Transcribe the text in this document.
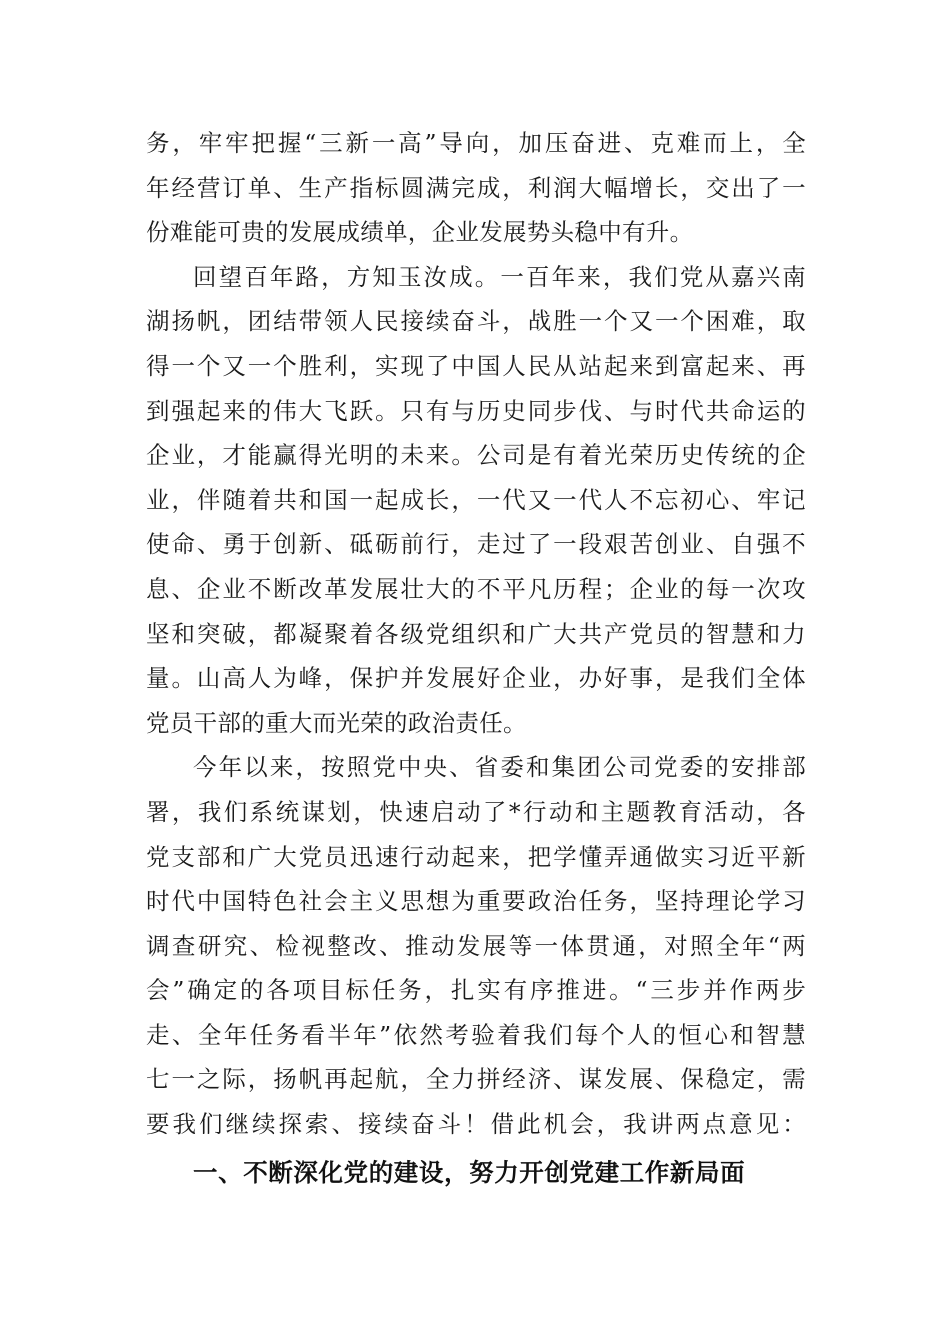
务，牢牢把握“三新一高”导向，加压奋进、克难而上，全
年经营订单、生产指标圆满完成，利润大幅增长，交出了一
份难能可贵的发展成绩单，企业发展势头稳中有升。
回望百年路，方知玉汝成。一百年来，我们党从嘉兴南
湖扬帆，团结带领人民接续奋斗，战胜一个又一个困难，取
得一个又一个胜利，实现了中国人民从站起来到富起来、再
到强起来的伟大飞跃。只有与历史同步伐、与时代共命运的
企业，才能赢得光明的未来。公司是有着光荣历史传统的企
业，伴随着共和国一起成长，一代又一代人不忘初心、牢记
使命、勇于创新、砥砺前行，走过了一段艰苦创业、自强不
息、企业不断改革发展壮大的不平凡历程；企业的每一次攻
坚和突破，都凝聚着各级党组织和广大共产党员的智慧和力
量。山高人为峰，保护并发展好企业，办好事，是我们全体
党员干部的重大而光荣的政治责任。
今年以来，按照党中央、省委和集团公司党委的安排部
署，我们系统谋划，快速启动了*行动和主题教育活动，各
党支部和广大党员迅速行动起来，把学懂弄通做实习近平新
时代中国特色社会主义思想为重要政治任务，坚持理论学习
调查研究、检视整改、推动发展等一体贯通，对照全年“两
会”确定的各项目标任务，扎实有序推进。“三步并作两步
走、全年任务看半年”依然考验着我们每个人的恒心和智慧
七一之际，扬帆再起航，全力拼经济、谋发展、保稳定，需
要我们继续探索、接续奋斗！借此机会，我讲两点意见：
一、不断深化党的建设，努力开创党建工作新局面
